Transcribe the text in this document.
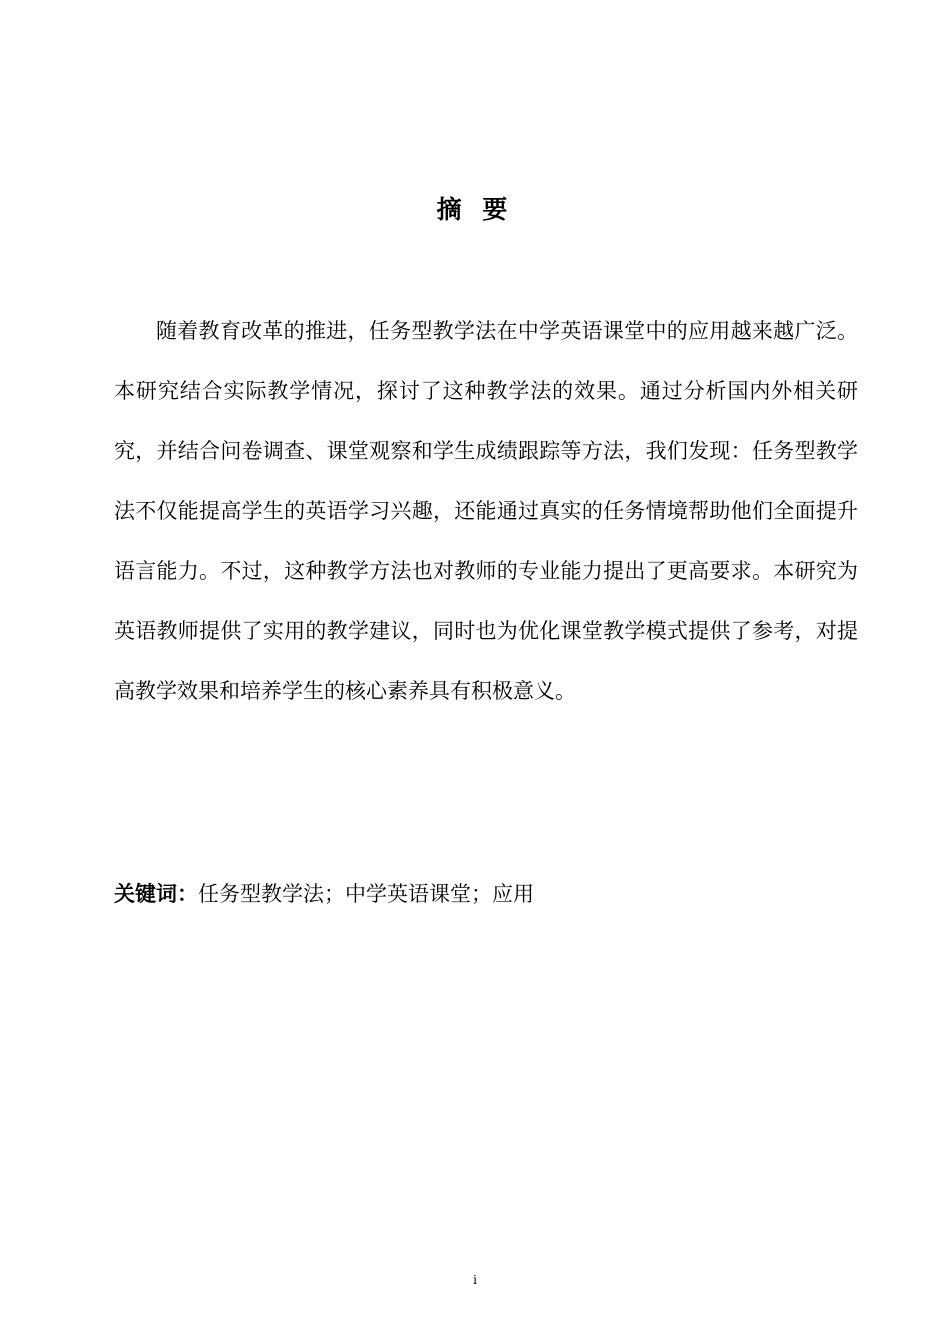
摘 要

随着教育改革的推进，任务型教学法在中学英语课堂中的应用越来越广泛。本研究结合实际教学情况，探讨了这种教学法的效果。通过分析国内外相关研究，并结合问卷调查、课堂观察和学生成绩跟踪等方法，我们发现：任务型教学法不仅能提高学生的英语学习兴趣，还能通过真实的任务情境帮助他们全面提升语言能力。不过，这种教学方法也对教师的专业能力提出了更高要求。本研究为英语教师提供了实用的教学建议，同时也为优化课堂教学模式提供了参考，对提高教学效果和培养学生的核心素养具有积极意义。

关键词：任务型教学法；中学英语课堂；应用
i
